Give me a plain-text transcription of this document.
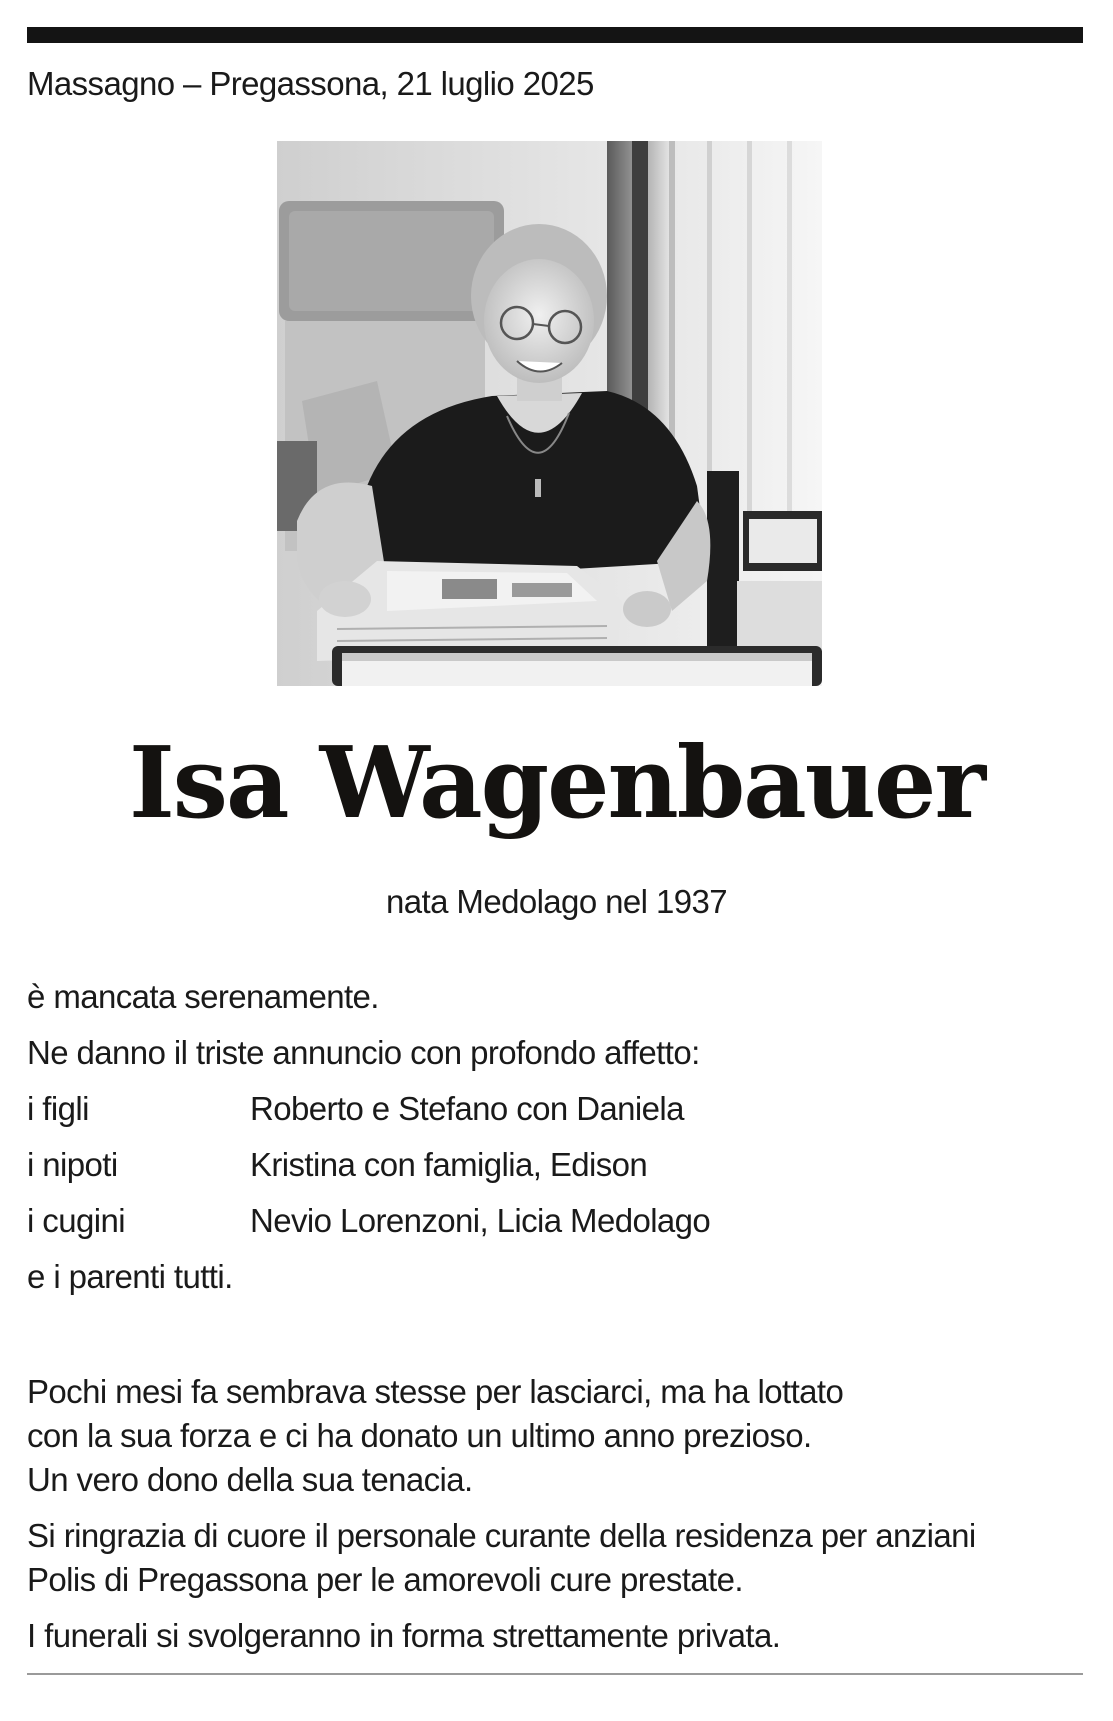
Massagno – Pregassona, 21 luglio 2025
Isa Wagenbauer
nata Medolago nel 1937
è mancata serenamente.
Ne danno il triste annuncio con profondo affetto:
i figli	Roberto e Stefano con Daniela
i nipoti	Kristina con famiglia, Edison
i cugini	Nevio Lorenzoni, Licia Medolago
e i parenti tutti.
Pochi mesi fa sembrava stesse per lasciarci, ma ha lottato
con la sua forza e ci ha donato un ultimo anno prezioso.
Un vero dono della sua tenacia.
Si ringrazia di cuore il personale curante della residenza per anziani
Polis di Pregassona per le amorevoli cure prestate.
I funerali si svolgeranno in forma strettamente privata.
